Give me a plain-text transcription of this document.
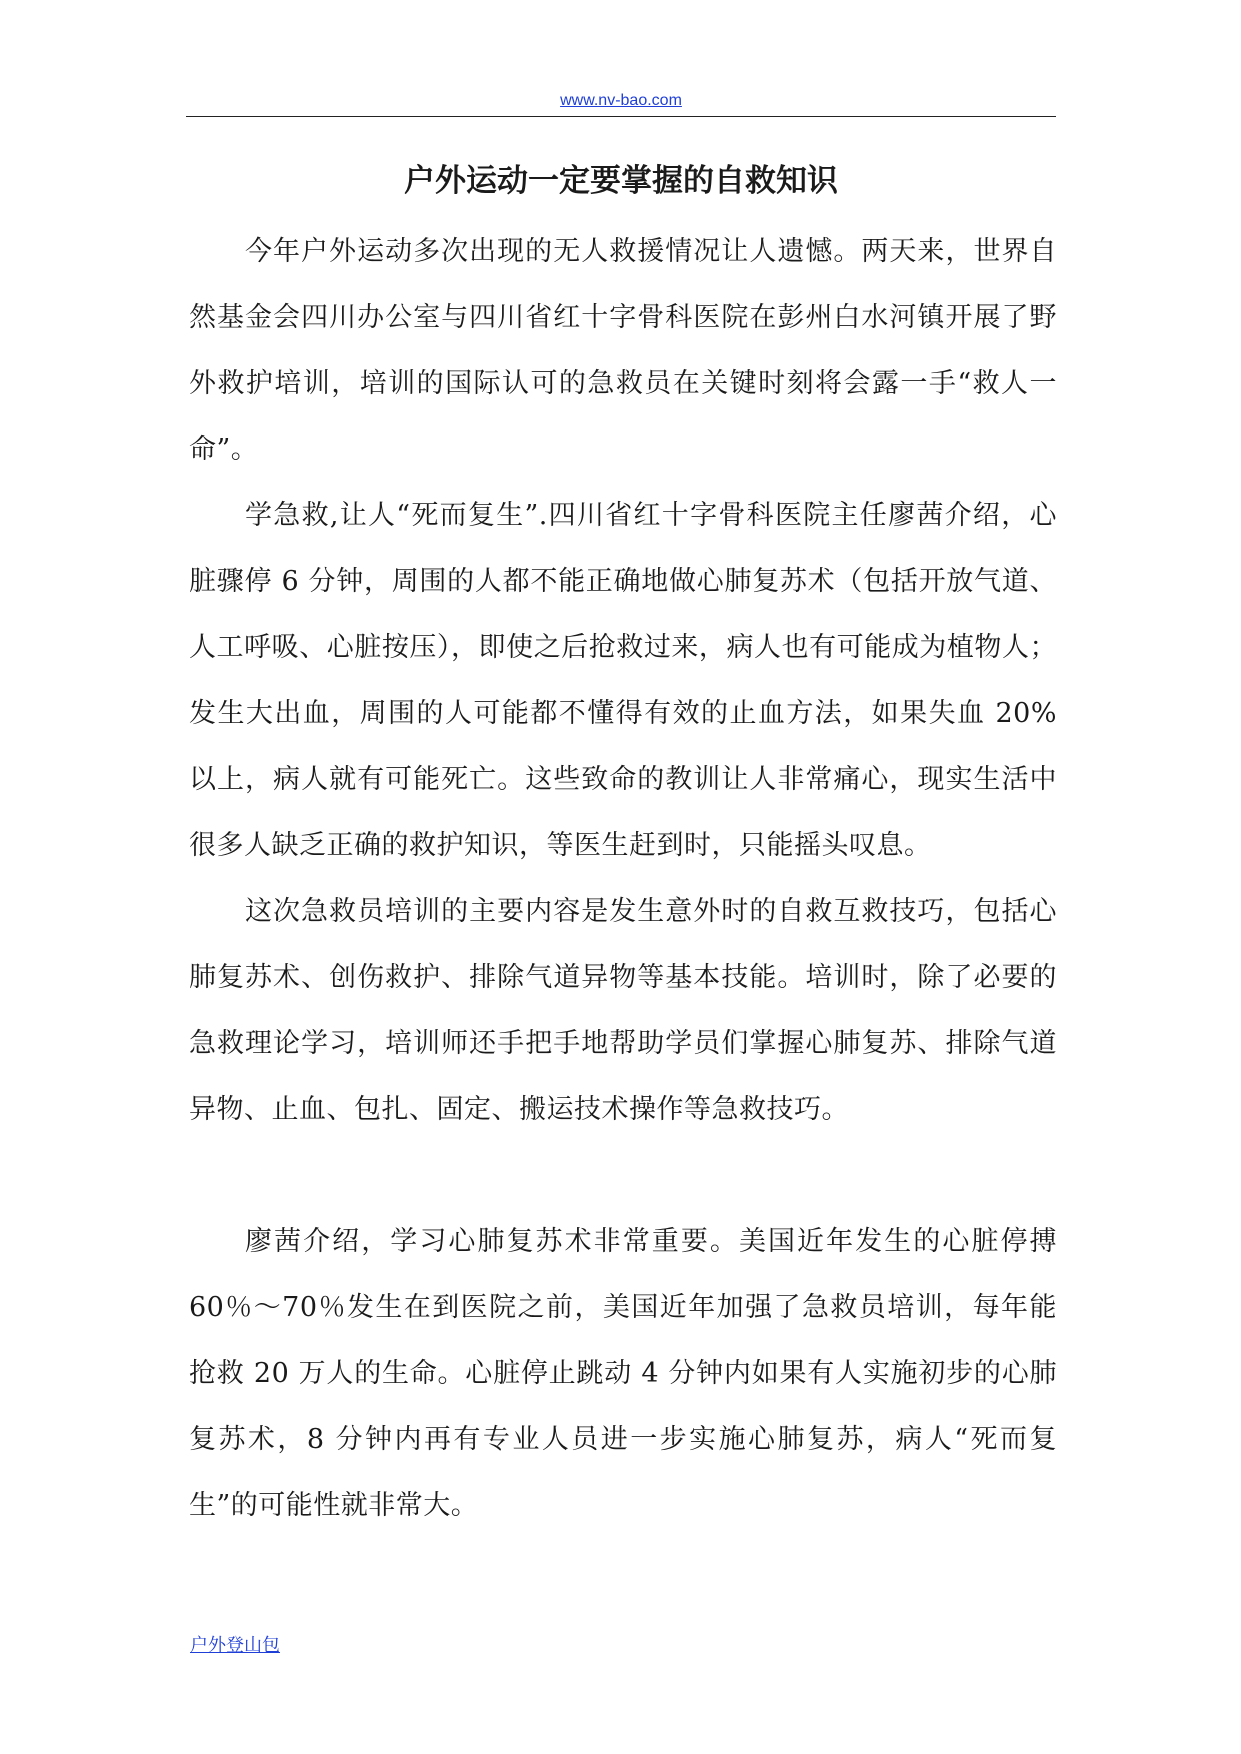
www.nv-bao.com
户外运动一定要掌握的自救知识

今年户外运动多次出现的无人救援情况让人遗憾。两天来，世界自然基金会四川办公室与四川省红十字骨科医院在彭州白水河镇开展了野外救护培训，培训的国际认可的急救员在关键时刻将会露一手“救人一命”。

学急救,让人“死而复生”.四川省红十字骨科医院主任廖茜介绍，心脏骤停 6 分钟，周围的人都不能正确地做心肺复苏术（包括开放气道、人工呼吸、心脏按压），即使之后抢救过来，病人也有可能成为植物人；发生大出血，周围的人可能都不懂得有效的止血方法，如果失血 20%以上，病人就有可能死亡。这些致命的教训让人非常痛心，现实生活中很多人缺乏正确的救护知识，等医生赶到时，只能摇头叹息。

这次急救员培训的主要内容是发生意外时的自救互救技巧，包括心肺复苏术、创伤救护、排除气道异物等基本技能。培训时，除了必要的急救理论学习，培训师还手把手地帮助学员们掌握心肺复苏、排除气道异物、止血、包扎、固定、搬运技术操作等急救技巧。

廖茜介绍，学习心肺复苏术非常重要。美国近年发生的心脏停搏60％～70％发生在到医院之前，美国近年加强了急救员培训，每年能抢救 20 万人的生命。心脏停止跳动 4 分钟内如果有人实施初步的心肺复苏术，8 分钟内再有专业人员进一步实施心肺复苏，病人“死而复生”的可能性就非常大。

户外登山包
